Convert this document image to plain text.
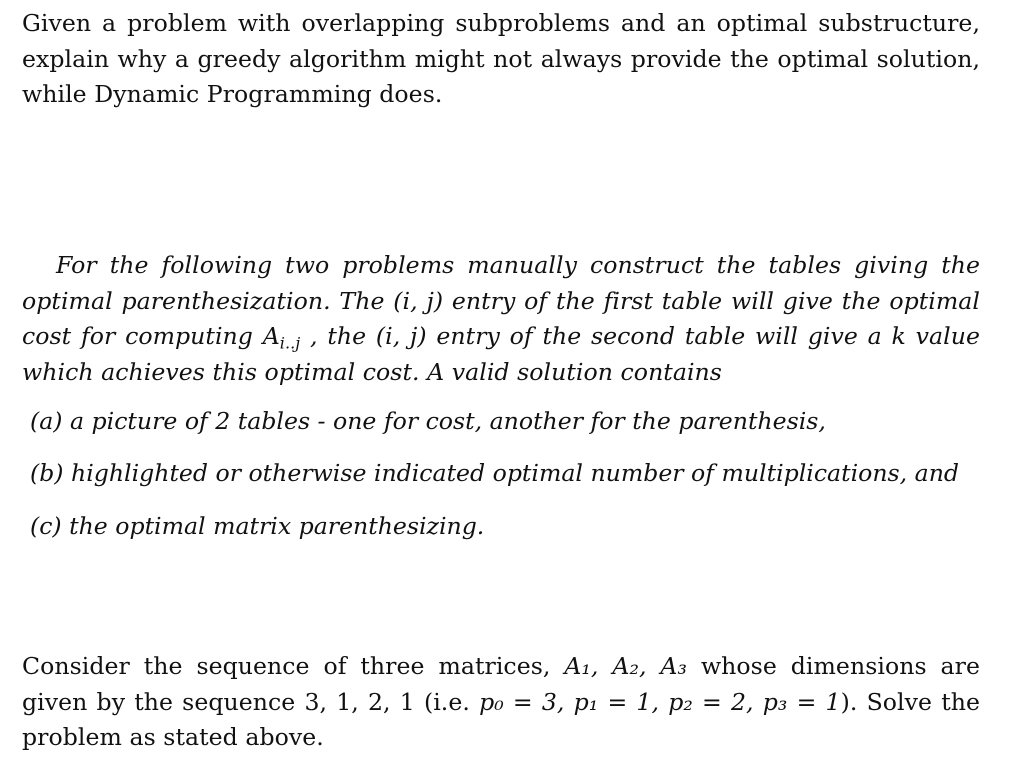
Given a problem with overlapping subproblems and an optimal substructure, explain why a greedy algorithm might not always provide the optimal solution, while Dynamic Programming does.

For the following two problems manually construct the tables giving the optimal parenthesization. The (i, j) entry of the first table will give the optimal cost for computing $A_{i..j}$ , the (i, j) entry of the second table will give a k value which achieves this optimal cost. A valid solution contains

(a) a picture of 2 tables - one for cost, another for the parenthesis,

(b) highlighted or otherwise indicated optimal number of multiplications, and

(c) the optimal matrix parenthesizing.

Consider the sequence of three matrices, A₁, A₂, A₃ whose dimensions are given by the sequence 3, 1, 2, 1 (i.e. p₀ = 3, p₁ = 1, p₂ = 2, p₃ = 1). Solve the problem as stated above.
